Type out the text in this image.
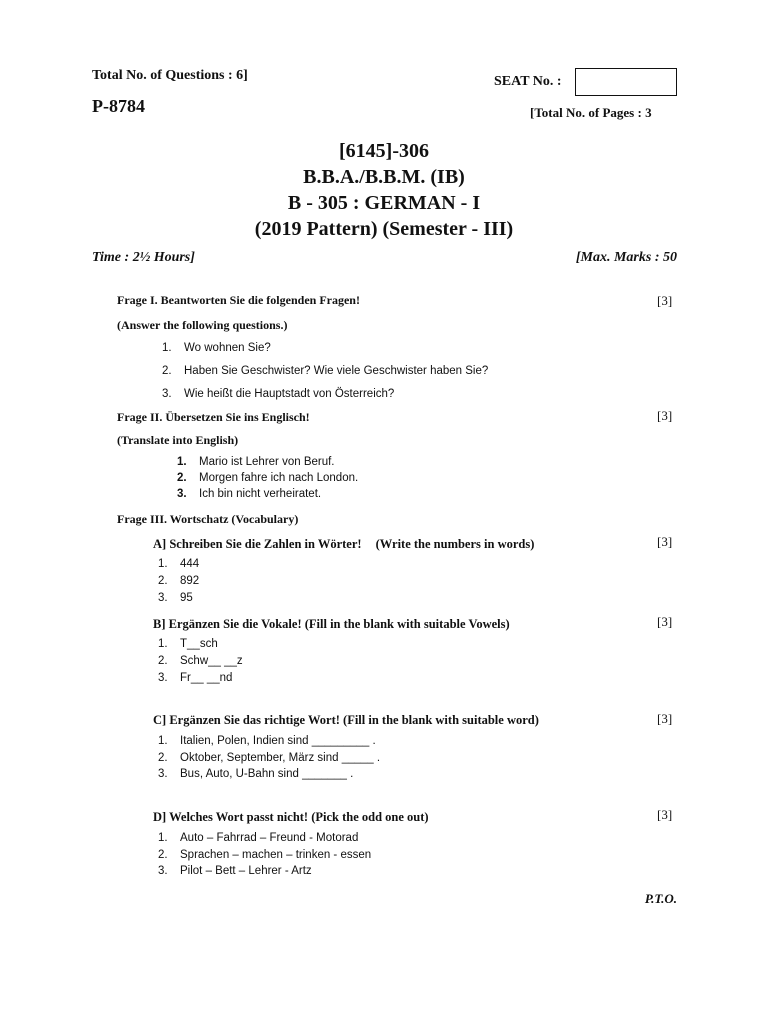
Total No. of Questions : 6]
P-8784
SEAT No. :
[Total No. of Pages : 3
[6145]-306
B.B.A./B.B.M. (IB)
B - 305 : GERMAN - I
(2019 Pattern) (Semester - III)
Time : 2½ Hours]	[Max. Marks : 50
Frage I. Beantworten Sie die folgenden Fragen!	[3]
(Answer the following questions.)
1. Wo wohnen Sie?
2. Haben Sie Geschwister? Wie viele Geschwister haben Sie?
3. Wie heißt die Hauptstadt von Österreich?
Frage II. Übersetzen Sie ins Englisch!	[3]
(Translate into English)
1. Mario ist Lehrer von Beruf.
2. Morgen fahre ich nach London.
3. Ich bin nicht verheiratet.
Frage III. Wortschatz (Vocabulary)
A] Schreiben Sie die Zahlen in Wörter! (Write the numbers in words)	[3]
1. 444
2. 892
3. 95
B] Ergänzen Sie die Vokale! (Fill in the blank with suitable Vowels)	[3]
1. T__sch
2. Schw__ __z
3. Fr__ __nd
C] Ergänzen Sie das richtige Wort! (Fill in the blank with suitable word)	[3]
1. Italien, Polen, Indien sind _________ .
2. Oktober, September, März sind _____ .
3. Bus, Auto, U-Bahn sind _______ .
D] Welches Wort passt nicht! (Pick the odd one out)	[3]
1. Auto – Fahrrad – Freund - Motorad
2. Sprachen – machen – trinken - essen
3. Pilot – Bett – Lehrer - Artz
P.T.O.
